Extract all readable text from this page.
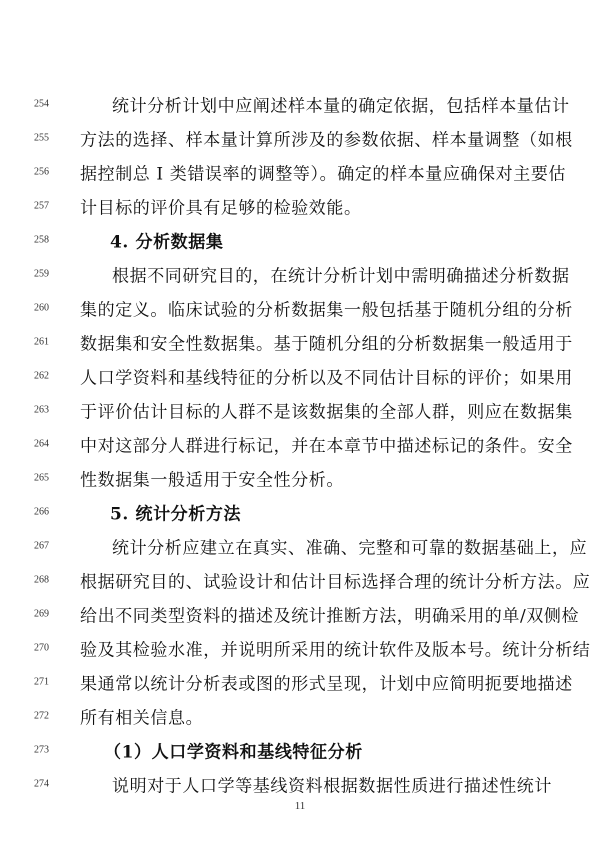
254	统计分析计划中应阐述样本量的确定依据，包括样本量估计
255	方法的选择、样本量计算所涉及的参数依据、样本量调整（如根
256	据控制总 I 类错误率的调整等）。确定的样本量应确保对主要估
257	计目标的评价具有足够的检验效能。
258	4. 分析数据集
259	根据不同研究目的，在统计分析计划中需明确描述分析数据
260	集的定义。临床试验的分析数据集一般包括基于随机分组的分析
261	数据集和安全性数据集。基于随机分组的分析数据集一般适用于
262	人口学资料和基线特征的分析以及不同估计目标的评价；如果用
263	于评价估计目标的人群不是该数据集的全部人群，则应在数据集
264	中对这部分人群进行标记，并在本章节中描述标记的条件。安全
265	性数据集一般适用于安全性分析。
266	5. 统计分析方法
267	统计分析应建立在真实、准确、完整和可靠的数据基础上，应
268	根据研究目的、试验设计和估计目标选择合理的统计分析方法。应
269	给出不同类型资料的描述及统计推断方法，明确采用的单/双侧检
270	验及其检验水准，并说明所采用的统计软件及版本号。统计分析结
271	果通常以统计分析表或图的形式呈现，计划中应简明扼要地描述
272	所有相关信息。
273	（1）人口学资料和基线特征分析
274	说明对于人口学等基线资料根据数据性质进行描述性统计
11
